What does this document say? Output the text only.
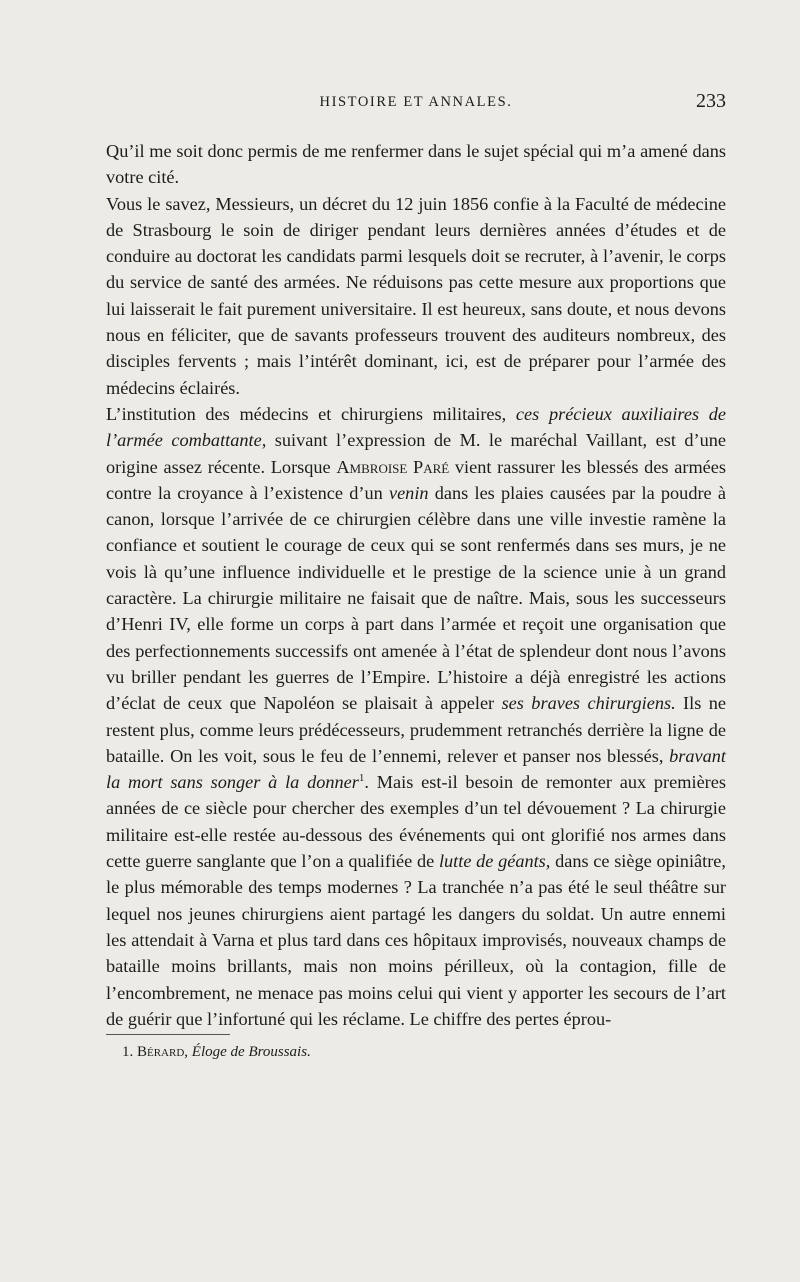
HISTOIRE ET ANNALES.	233

Qu’il me soit donc permis de me renfermer dans le sujet spécial qui m’a amené dans votre cité.

Vous le savez, Messieurs, un décret du 12 juin 1856 confie à la Faculté de médecine de Strasbourg le soin de diriger pendant leurs dernières années d’études et de conduire au doctorat les candidats parmi lesquels doit se recruter, à l’avenir, le corps du service de santé des armées. Ne réduisons pas cette mesure aux proportions que lui laisserait le fait purement universitaire. Il est heureux, sans doute, et nous devons nous en féliciter, que de savants professeurs trouvent des auditeurs nombreux, des disciples fervents ; mais l’intérêt dominant, ici, est de préparer pour l’armée des médecins éclairés.

L’institution des médecins et chirurgiens militaires, ces précieux auxiliaires de l’armée combattante, suivant l’expression de M. le maréchal Vaillant, est d’une origine assez récente. Lorsque Ambroise Paré vient rassurer les blessés des armées contre la croyance à l’existence d’un venin dans les plaies causées par la poudre à canon, lorsque l’arrivée de ce chirurgien célèbre dans une ville investie ramène la confiance et soutient le courage de ceux qui se sont renfermés dans ses murs, je ne vois là qu’une influence individuelle et le prestige de la science unie à un grand caractère. La chirurgie militaire ne faisait que de naître. Mais, sous les successeurs d’Henri IV, elle forme un corps à part dans l’armée et reçoit une organisation que des perfectionnements successifs ont amenée à l’état de splendeur dont nous l’avons vu briller pendant les guerres de l’Empire. L’histoire a déjà enregistré les actions d’éclat de ceux que Napoléon se plaisait à appeler ses braves chirurgiens. Ils ne restent plus, comme leurs prédécesseurs, prudemment retranchés derrière la ligne de bataille. On les voit, sous le feu de l’ennemi, relever et panser nos blessés, bravant la mort sans songer à la donner$^1$. Mais est-il besoin de remonter aux premières années de ce siècle pour chercher des exemples d’un tel dévouement ? La chirurgie militaire est-elle restée au-dessous des événements qui ont glorifié nos armes dans cette guerre sanglante que l’on a qualifiée de lutte de géants, dans ce siège opiniâtre, le plus mémorable des temps modernes ? La tranchée n’a pas été le seul théâtre sur lequel nos jeunes chirurgiens aient partagé les dangers du soldat. Un autre ennemi les attendait à Varna et plus tard dans ces hôpitaux improvisés, nouveaux champs de bataille moins brillants, mais non moins périlleux, où la contagion, fille de l’encombrement, ne menace pas moins celui qui vient y apporter les secours de l’art de guérir que l’infortuné qui les réclame. Le chiffre des pertes éprou-

1. Bérard, Éloge de Broussais.
